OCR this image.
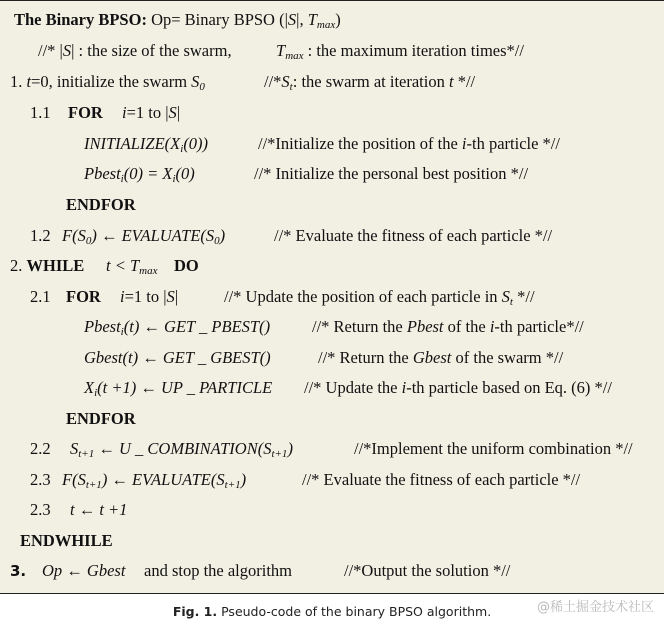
The Binary BPSO: Op= Binary BPSO (|S|, Tmax)
//* |S| : the size of the swarm,	Tmax : the maximum iteration times*//
1. t=0, initialize the swarm S0	//*St: the swarm at iteration t *//
1.1 FOR i=1 to |S|
$INITIALIZE(X_i(0))$	//*Initialize the position of the i-th particle *//
Pbest$_i$(0) = $X_i(0)$	//* Initialize the personal best position *//
ENDFOR
1.2 $F(S_0)$ ← $EVALUATE(S_0)$	//* Evaluate the fitness of each particle *//
2. WHILE $t < T_{max}$ DO
2.1 FOR i=1 to |S|	//* Update the position of each particle in St *//
Pbest$_i$(t) ← GET _ PBEST()	//* Return the Pbest of the i-th particle*//
Gbest(t) ← GET _ GBEST()	//* Return the Gbest of the swarm *//
$X_i(t +1)$ ← UP _ PARTICLE //* Update the i-th particle based on Eq. (6) *//
ENDFOR
2.2 $S_{t+1}$ ← U _ $COMBINATION(S_{t+1})$	//*Implement the uniform combination *//
2.3 $F(S_{t+1})$ ← $EVALUATE(S_{t+1})$	//* Evaluate the fitness of each particle *//
2.3 t ← t +1
ENDWHILE
3. Op ← Gbest and stop the algorithm	//*Output the solution *//
Fig. 1. Pseudo-code of the binary BPSO algorithm.	@稀土掘金技术社区
